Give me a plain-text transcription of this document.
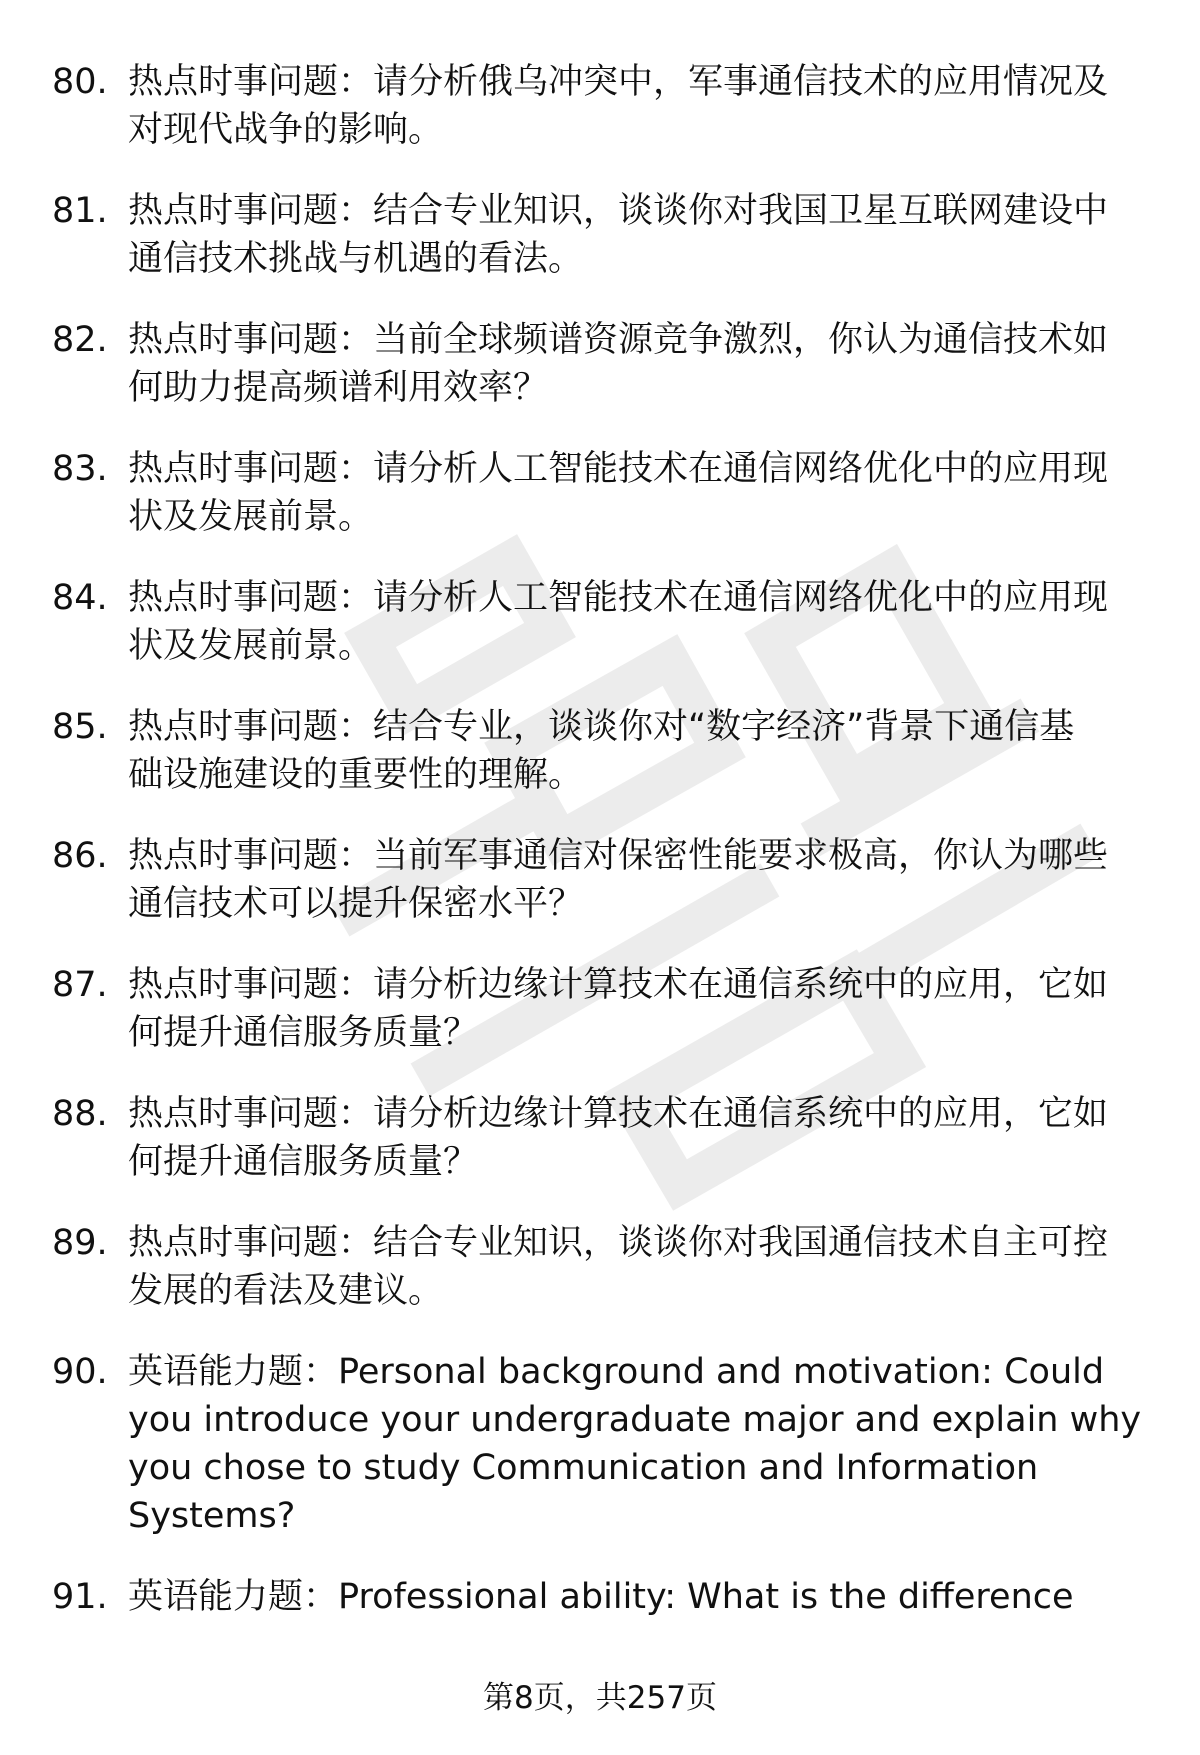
80. 热点时事问题：请分析俄乌冲突中，军事通信技术的应用情况及
对现代战争的影响。
81. 热点时事问题：结合专业知识，谈谈你对我国卫星互联网建设中
通信技术挑战与机遇的看法。
82. 热点时事问题：当前全球频谱资源竞争激烈，你认为通信技术如
何助力提高频谱利用效率？
83. 热点时事问题：请分析人工智能技术在通信网络优化中的应用现
状及发展前景。
84. 热点时事问题：请分析人工智能技术在通信网络优化中的应用现
状及发展前景。
85. 热点时事问题：结合专业，谈谈你对“数字经济”背景下通信基
础设施建设的重要性的理解。
86. 热点时事问题：当前军事通信对保密性能要求极高，你认为哪些
通信技术可以提升保密水平？
87. 热点时事问题：请分析边缘计算技术在通信系统中的应用，它如
何提升通信服务质量？
88. 热点时事问题：请分析边缘计算技术在通信系统中的应用，它如
何提升通信服务质量？
89. 热点时事问题：结合专业知识，谈谈你对我国通信技术自主可控
发展的看法及建议。
90. 英语能力题：Personal background and motivation: Could
you introduce your undergraduate major and explain why
you chose to study Communication and Information
Systems?
91. 英语能力题：Professional ability: What is the difference
第8页，共257页
